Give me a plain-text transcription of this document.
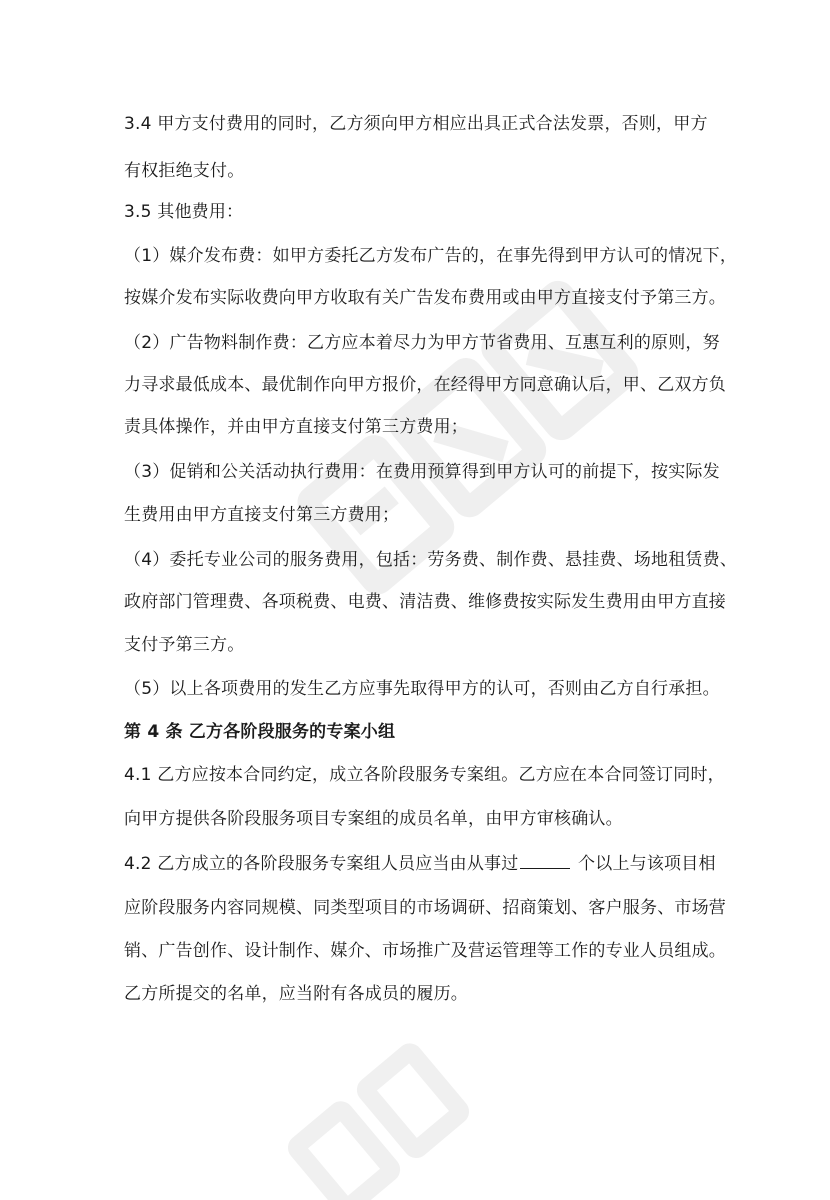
3.4 甲方支付费用的同时，乙方须向甲方相应出具正式合法发票，否则，甲方
有权拒绝支付。
3.5 其他费用：
（1）媒介发布费：如甲方委托乙方发布广告的，在事先得到甲方认可的情况下，
按媒介发布实际收费向甲方收取有关广告发布费用或由甲方直接支付予第三方。
（2）广告物料制作费：乙方应本着尽力为甲方节省费用、互惠互利的原则，努
力寻求最低成本、最优制作向甲方报价，在经得甲方同意确认后，甲、乙双方负
责具体操作，并由甲方直接支付第三方费用；
（3）促销和公关活动执行费用：在费用预算得到甲方认可的前提下，按实际发
生费用由甲方直接支付第三方费用；
（4）委托专业公司的服务费用，包括：劳务费、制作费、悬挂费、场地租赁费、
政府部门管理费、各项税费、电费、清洁费、维修费按实际发生费用由甲方直接
支付予第三方。
（5）以上各项费用的发生乙方应事先取得甲方的认可，否则由乙方自行承担。
第 4 条 乙方各阶段服务的专案小组
4.1 乙方应按本合同约定，成立各阶段服务专案组。乙方应在本合同签订同时，
向甲方提供各阶段服务项目专案组的成员名单，由甲方审核确认。
4.2 乙方成立的各阶段服务专案组人员应当由从事过	个以上与该项目相
应阶段服务内容同规模、同类型项目的市场调研、招商策划、客户服务、市场营
销、广告创作、设计制作、媒介、市场推广及营运管理等工作的专业人员组成。
乙方所提交的名单，应当附有各成员的履历。
